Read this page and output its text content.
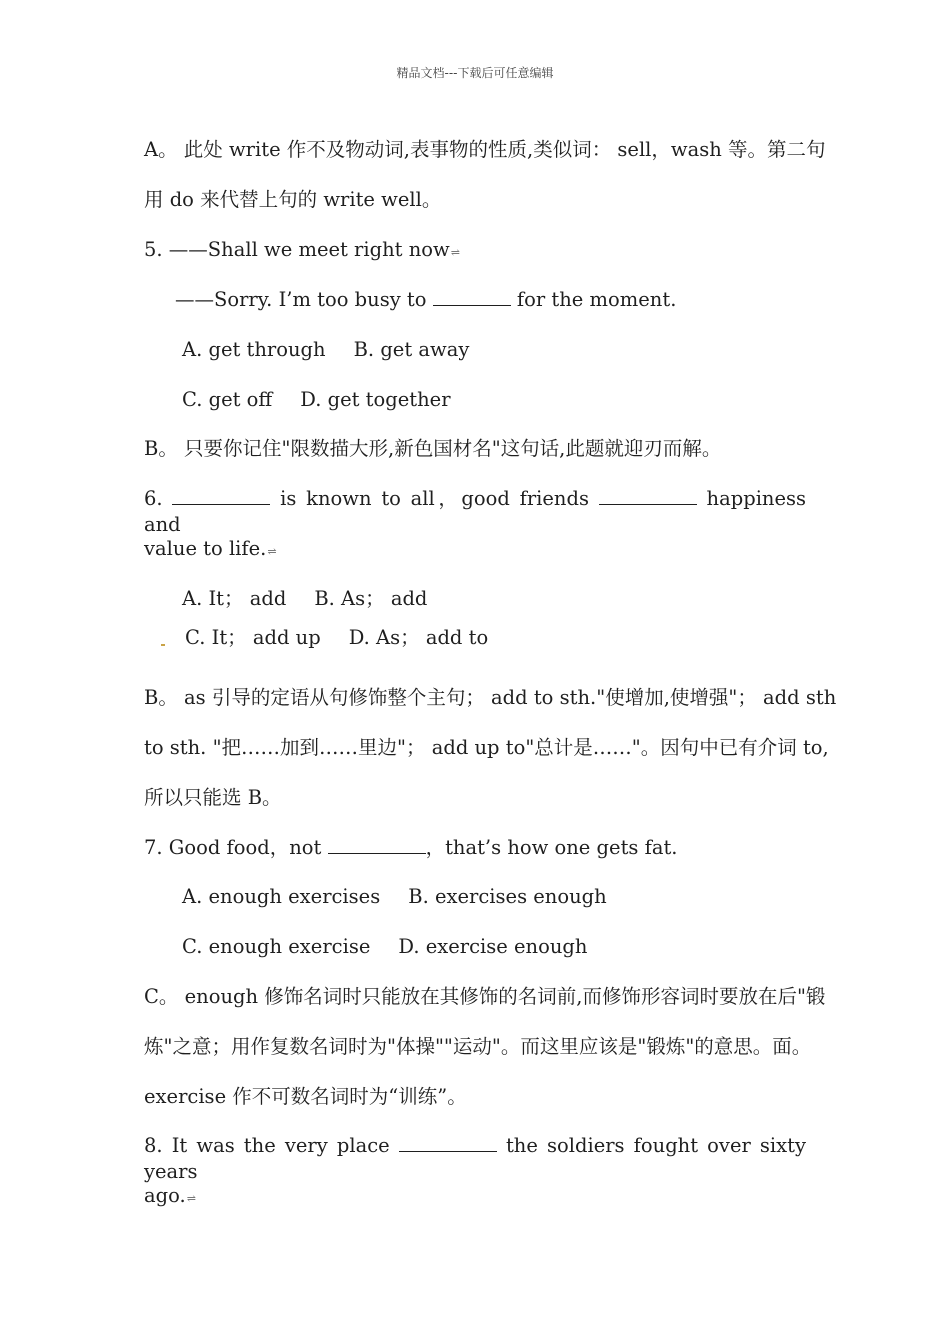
精品文档---下载后可任意编辑
A。 此处 write 作不及物动词,表事物的性质,类似词： sell，wash 等。第二句
用 do 来代替上句的 write well。
5. ——Shall we meet right now⇌
——Sorry. I’m too busy to	for the moment.
A. get through B. get away
C. get off D. get together
B。 只要你记住"限数描大形,新色国材名"这句话,此题就迎刃而解。
6.	is known to all，good friends	happiness and
value to life.⇌
A. It； add B. As； add
C. It； add up D. As； add to
B。 as 引导的定语从句修饰整个主句； add to sth."使增加,使增强"； add sth
to sth. "把……加到……里边"； add up to"总计是……"。因句中已有介词 to,
所以只能选 B。
7. Good food，not	，that’s how one gets fat.
A. enough exercises B. exercises enough
C. enough exercise D. exercise enough
C。 enough 修饰名词时只能放在其修饰的名词前,而修饰形容词时要放在后"锻
炼"之意；用作复数名词时为"体操""运动"。而这里应该是"锻炼"的意思。面。
exercise 作不可数名词时为“训练”。
8. It was the very place	the soldiers fought over sixty years
ago.⇌
